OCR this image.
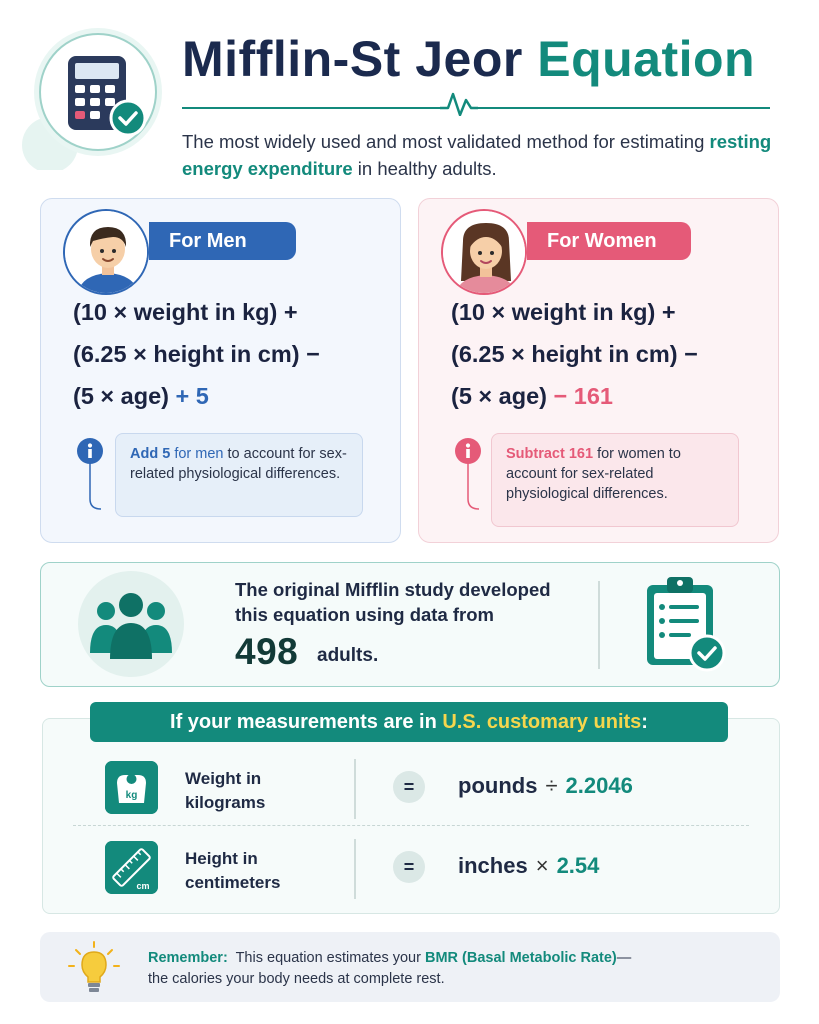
Mifflin-St Jeor Equation
The most widely used and most validated method for estimating resting energy expenditure in healthy adults.
For Men
(10 × weight in kg) +
(6.25 × height in cm) −
(5 × age) + 5
Add 5 for men to account for sex-related physiological differences.
For Women
(10 × weight in kg) +
(6.25 × height in cm) −
(5 × age) − 161
Subtract 161 for women to account for sex-related physiological differences.
The original Mifflin study developed this equation using data from
498 adults.
kg
Weight in
kilograms
=	pounds ÷ 2.2046
cm
Height in
centimeters
=	inches × 2.54
If your measurements are in U.S. customary units:
Remember: This equation estimates your BMR (Basal Metabolic Rate)—
the calories your body needs at complete rest.
